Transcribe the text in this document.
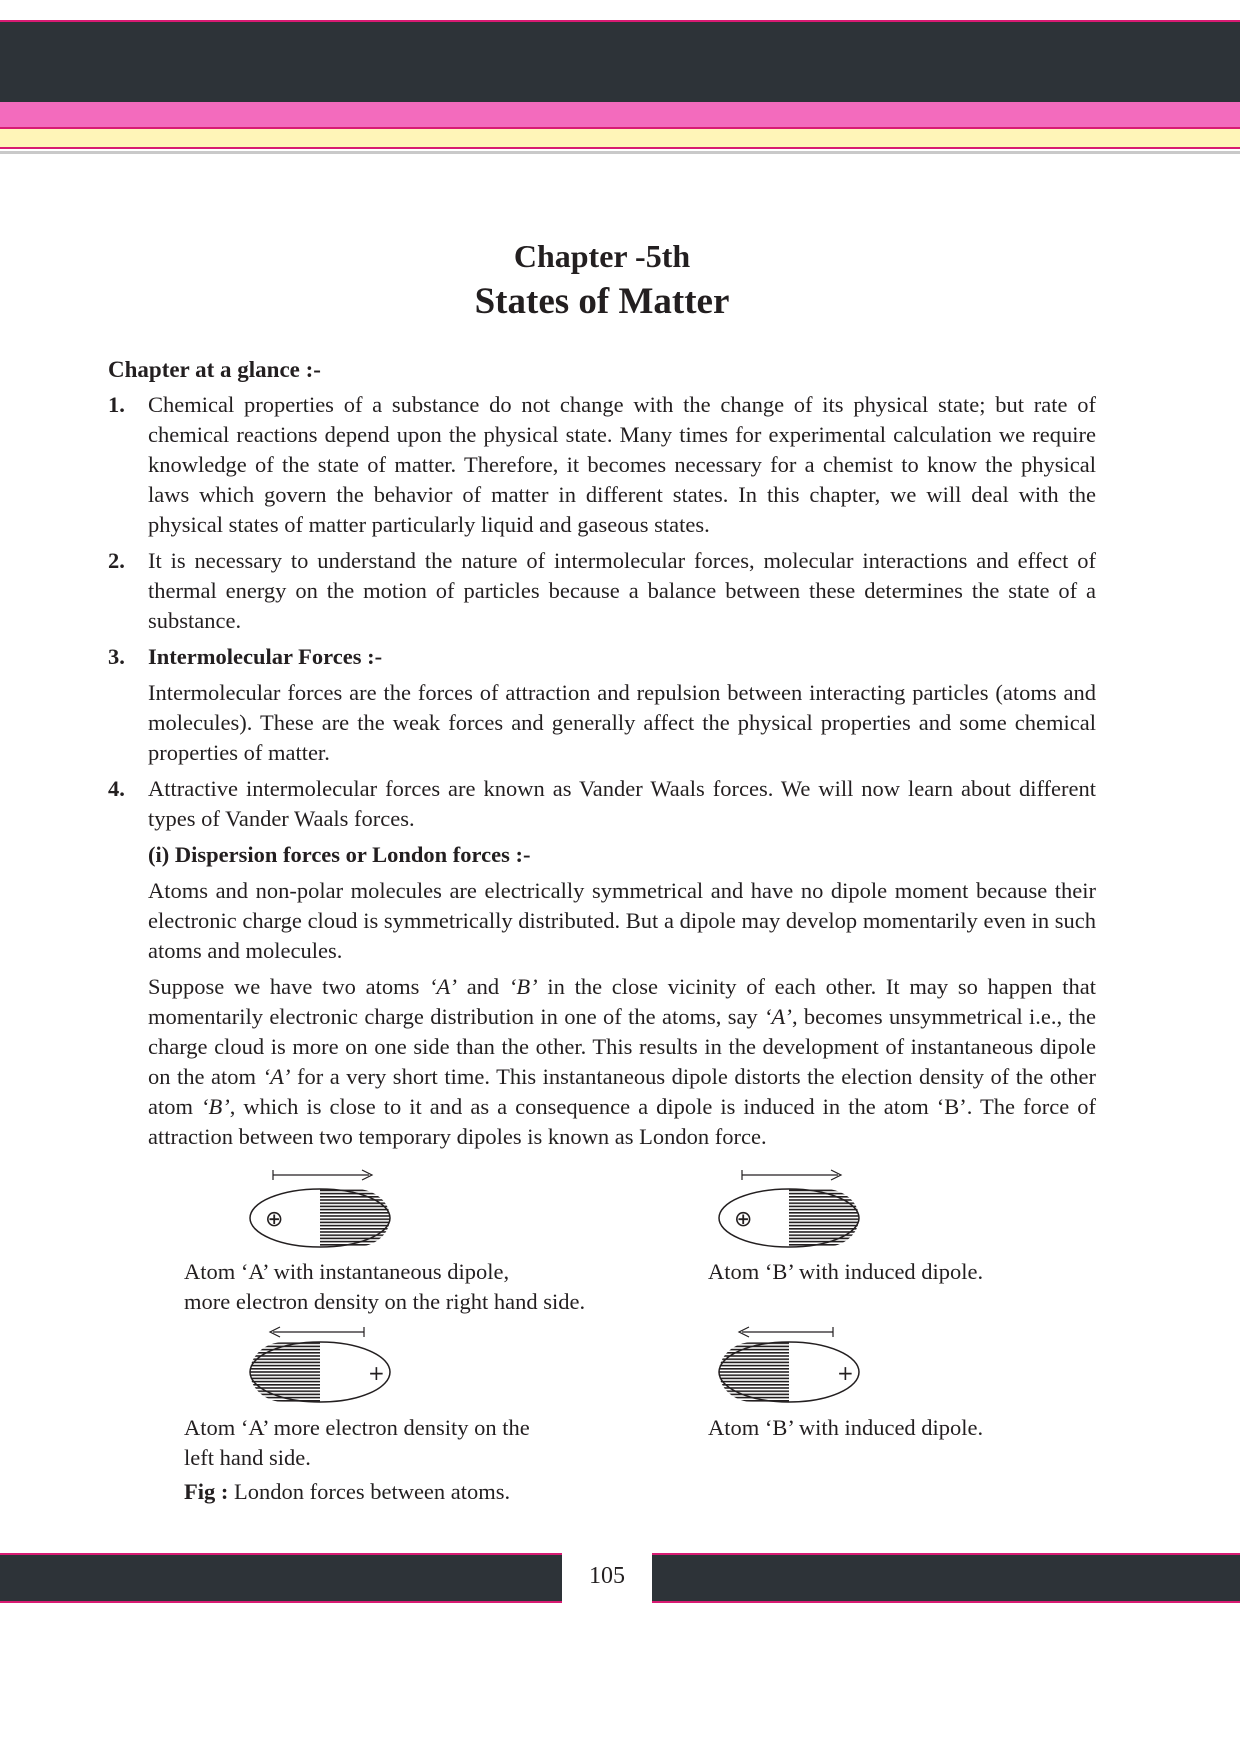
Chapter -5th
States of Matter

Chapter at a glance :-

1. Chemical properties of a substance do not change with the change of its physical state; but rate of chemical reactions depend upon the physical state. Many times for experimental calculation we require knowledge of the state of matter. Therefore, it becomes necessary for a chemist to know the physical laws which govern the behavior of matter in different states. In this chapter, we will deal with the physical states of matter particularly liquid and gaseous states.

2. It is necessary to understand the nature of intermolecular forces, molecular interactions and effect of thermal energy on the motion of particles because a balance between these determines the state of a substance.

3. Intermolecular Forces :-

Intermolecular forces are the forces of attraction and repulsion between interacting particles (atoms and molecules). These are the weak forces and generally affect the physical properties and some chemical properties of matter.

4. Attractive intermolecular forces are known as Vander Waals forces. We will now learn about different types of Vander Waals forces.

(i) Dispersion forces or London forces :-

Atoms and non-polar molecules are electrically symmetrical and have no dipole moment because their electronic charge cloud is symmetrically distributed. But a dipole may develop momentarily even in such atoms and molecules.

Suppose we have two atoms ‘A’ and ‘B’ in the close vicinity of each other. It may so happen that momentarily electronic charge distribution in one of the atoms, say ‘A’, becomes unsymmetrical i.e., the charge cloud is more on one side than the other. This results in the development of instantaneous dipole on the atom ‘A’ for a very short time. This instantaneous dipole distorts the election density of the other atom ‘B’, which is close to it and as a consequence a dipole is induced in the atom ‘B’. The force of attraction between two temporary dipoles is known as London force.

⊕	⊕

Atom ‘A’ with instantaneous dipole,
more electron density on the right hand side.

Atom ‘B’ with induced dipole.

+	+

Atom ‘A’ more electron density on the
left hand side.

Atom ‘B’ with induced dipole.

Fig : London forces between atoms.

105
